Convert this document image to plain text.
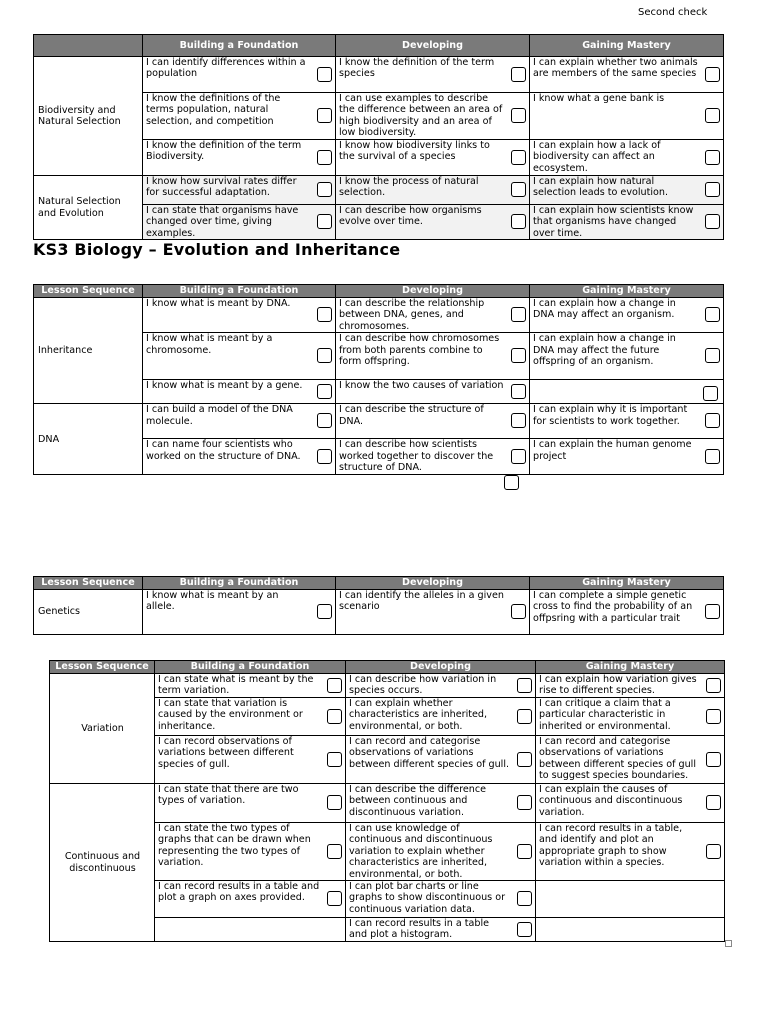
Second check
	Building a Foundation	Developing	Gaining Mastery
Biodiversity and Natural Selection	I can identify differences within a population	I know the definition of the term species	I can explain whether two animals are members of the same species

	I know the definitions of the terms population, natural selection, and competition	I can use examples to describe the difference between an area of high biodiversity and an area of low biodiversity.	I know what a gene bank is

	I know the definition of the term Biodiversity.	I know how biodiversity links to the survival of a species	I can explain how a lack of biodiversity can affect an ecosystem.

Natural Selection and Evolution	I know how survival rates differ for successful adaptation.	I know the process of natural selection.	I can explain how natural selection leads to evolution.

	I can state that organisms have changed over time, giving examples.	I can describe how organisms evolve over time.	I can explain how scientists know that organisms have changed over time.
KS3 Biology – Evolution and Inheritance
Lesson Sequence	Building a Foundation	Developing	Gaining Mastery
Inheritance	I know what is meant by DNA.	I can describe the relationship between DNA, genes, and chromosomes.	I can explain how a change in DNA may affect an organism.

	I know what is meant by a chromosome.	I can describe how chromosomes from both parents combine to form offspring.	I can explain how a change in DNA may affect the future offspring of an organism.

	I know what is meant by a gene.	I know the two causes of variation	

DNA	I can build a model of the DNA molecule.	I can describe the structure of DNA.	I can explain why it is important for scientists to work together.

	I can name four scientists who worked on the structure of DNA.	I can describe how scientists worked together to discover the structure of DNA.	I can explain the human genome project
Lesson Sequence	Building a Foundation	Developing	Gaining Mastery
Genetics	I know what is meant by an allele.	I can identify the alleles in a given scenario	I can complete a simple genetic cross to find the probability of an offpsring with a particular trait
Lesson Sequence	Building a Foundation	Developing	Gaining Mastery
Variation	I can state what is meant by the term variation.	I can describe how variation in species occurs.	I can explain how variation gives rise to different species.

	I can state that variation is caused by the environment or inheritance.	I can explain whether characteristics are inherited, environmental, or both.	I can critique a claim that a particular characteristic in inherited or environmental.

	I can record observations of variations between different species of gull.	I can record and categorise observations of variations between different species of gull.	I can record and categorise observations of variations between different species of gull to suggest species boundaries.

Continuous and discontinuous	I can state that there are two types of variation.	I can describe the difference between continuous and discontinuous variation.	I can explain the causes of continuous and discontinuous variation.

	I can state the two types of graphs that can be drawn when representing the two types of variation.	I can use knowledge of continuous and discontinuous variation to explain whether characteristics are inherited, environmental, or both.	I can record results in a table, and identify and plot an appropriate graph to show variation within a species.

	I can record results in a table and plot a graph on axes provided.	I can plot bar charts or line graphs to show discontinuous or continuous variation data.	

		I can record results in a table and plot a histogram.	
